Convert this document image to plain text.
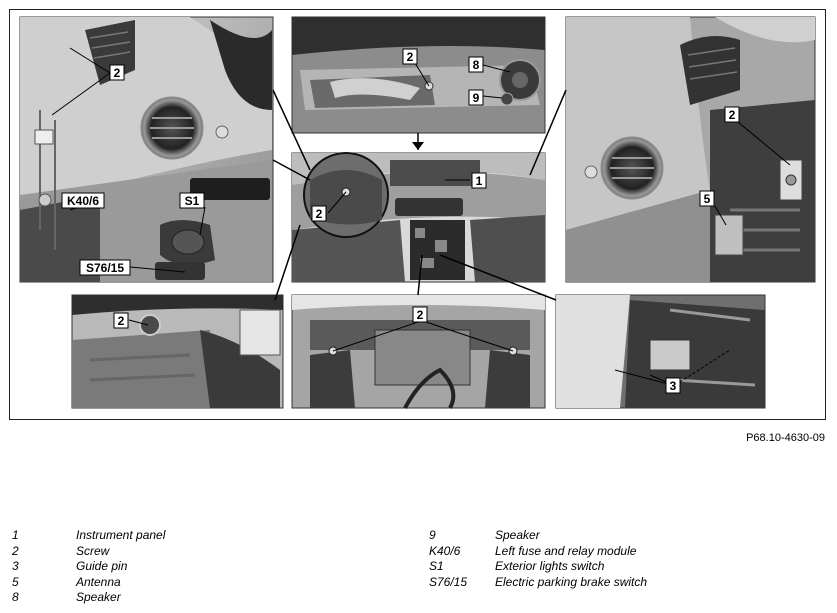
2
K40/6	S1
S76/15
2
8
9
2
5
2
1
2	2
3
P68.10-4630-09
1	Instrument panel
2	Screw
3	Guide pin
5	Antenna
8	Speaker
9	Speaker
K40/6	Left fuse and relay module
S1	Exterior lights switch
S76/15 Electric parking brake switch
